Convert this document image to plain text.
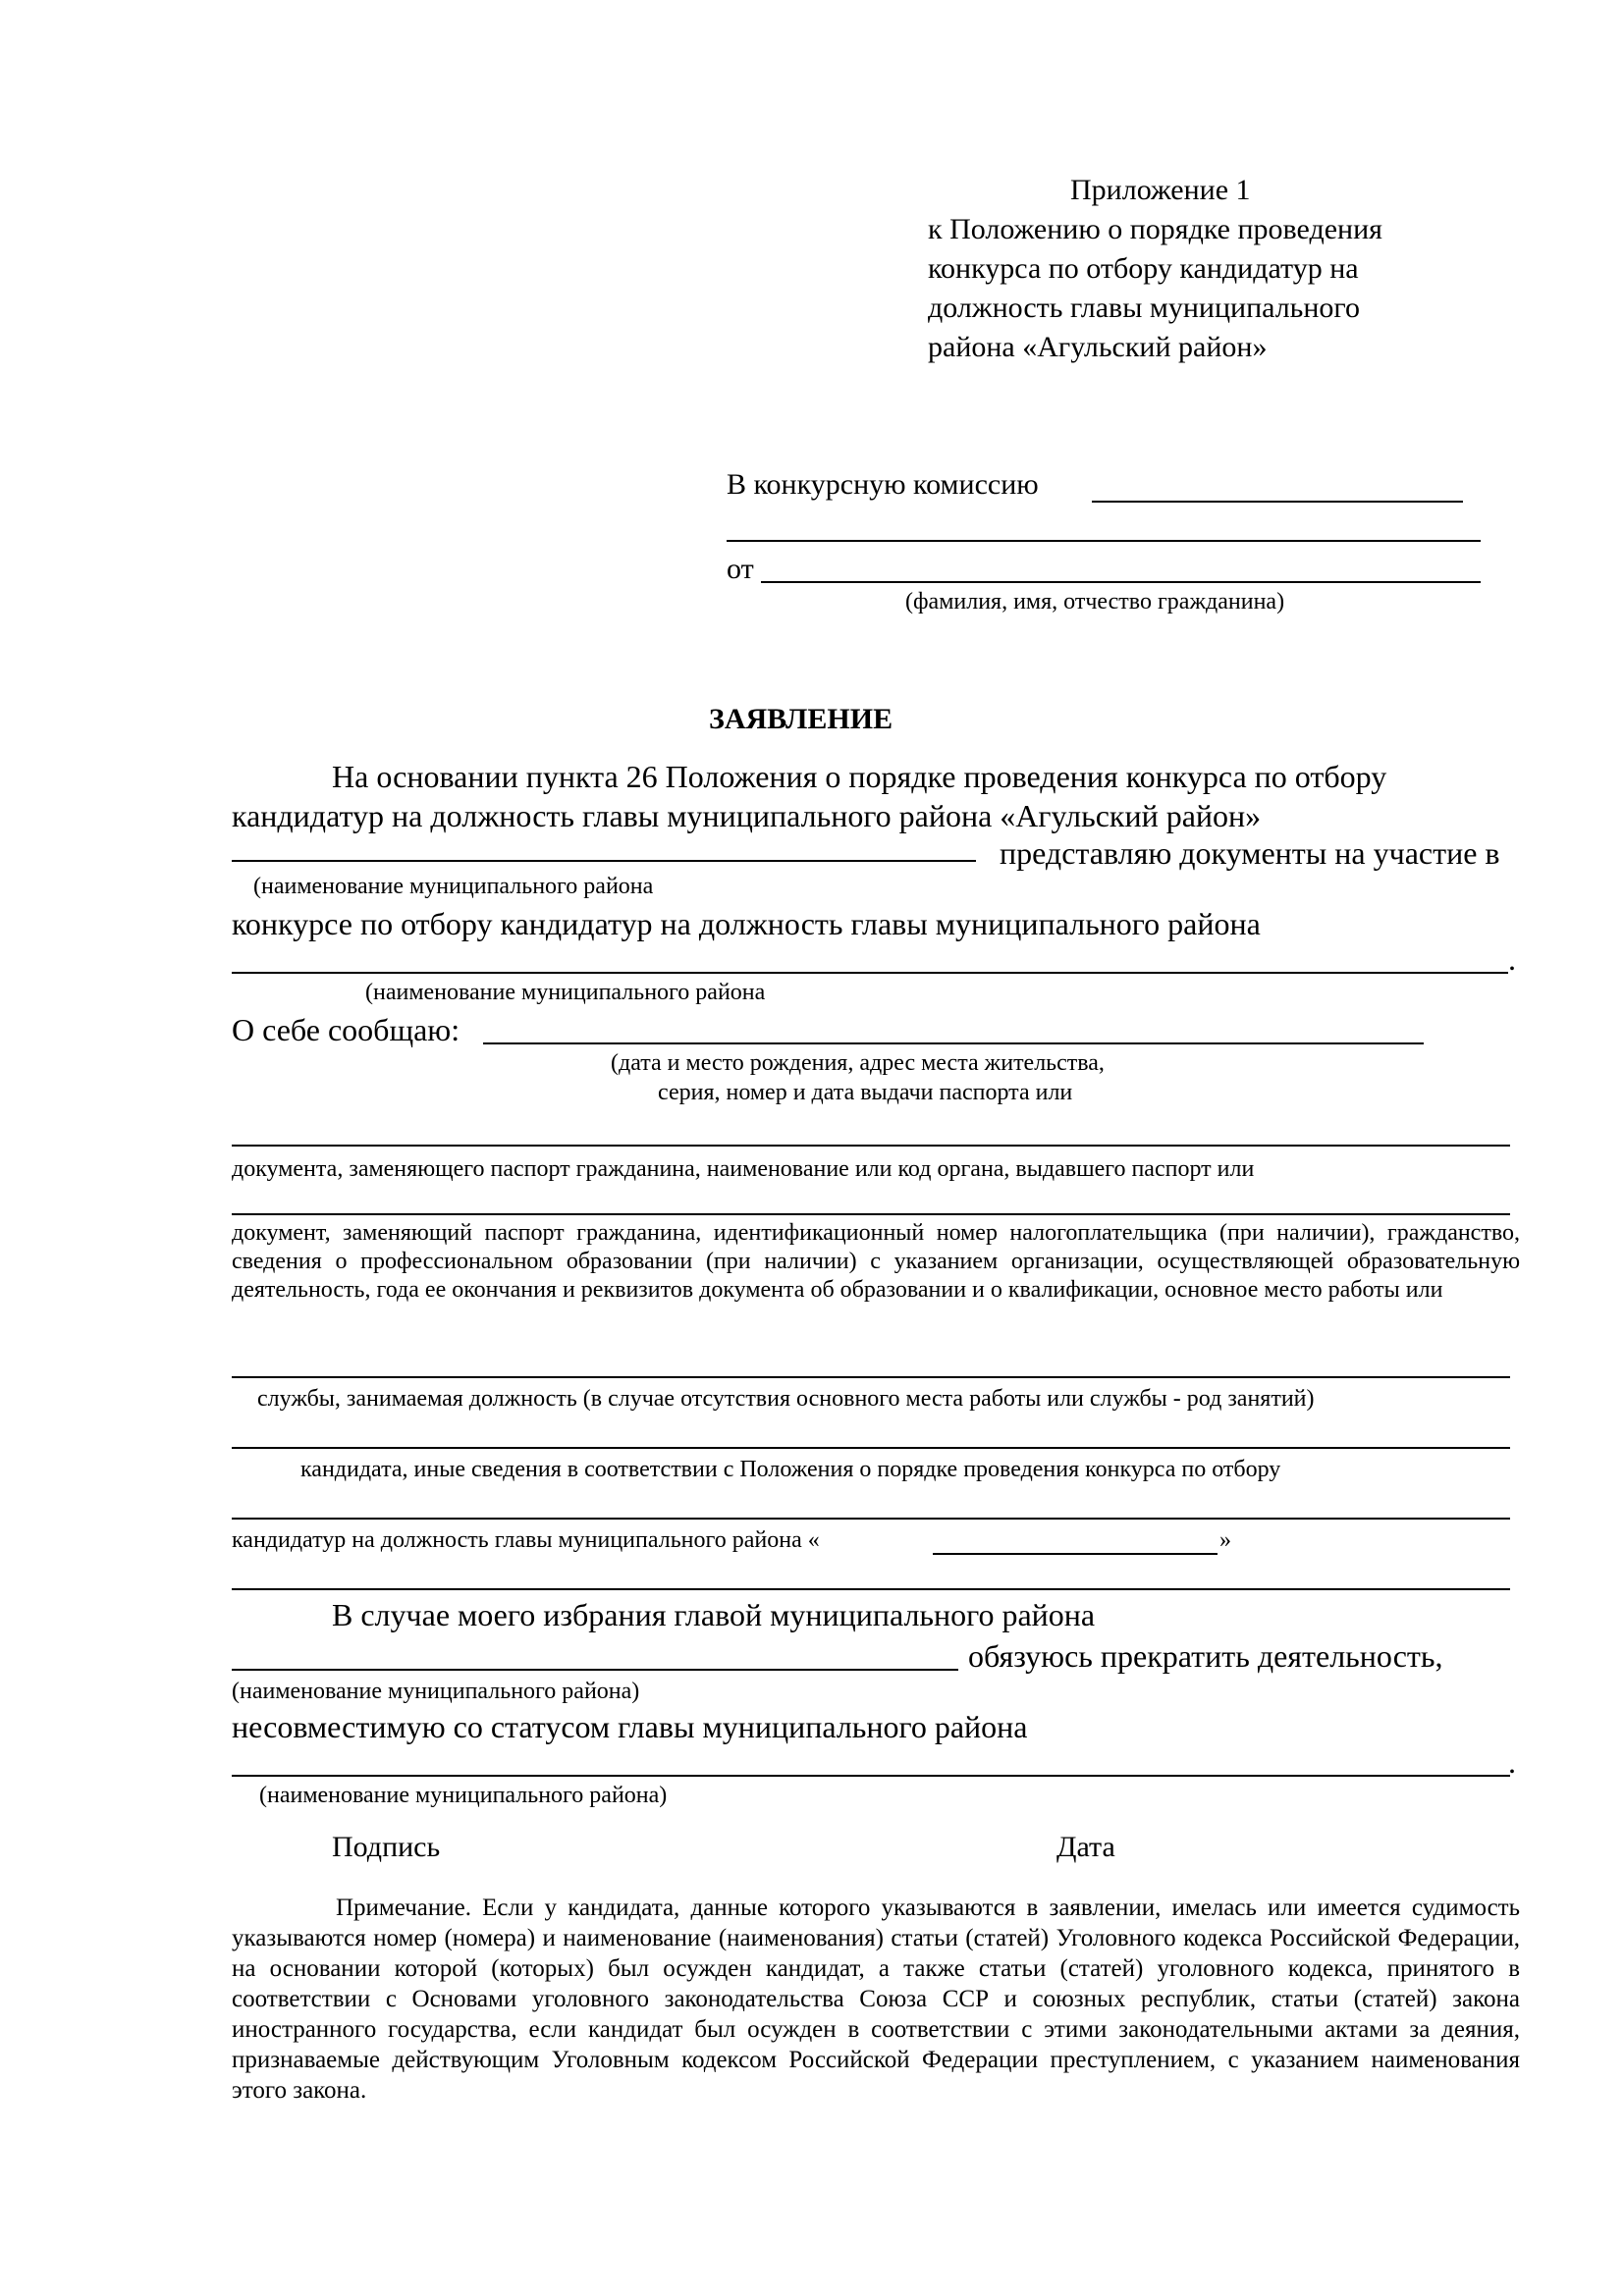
Приложение 1
к Положению о порядке проведения
конкурса по отбору кандидатур на
должность главы муниципального
района «Агульский район»
В конкурсную комиссию
от
(фамилия, имя, отчество гражданина)
ЗАЯВЛЕНИЕ
На основании пункта 26 Положения о порядке проведения конкурса по отбору
кандидатур на должность главы муниципального района «Агульский район»
представляю документы на участие в
(наименование муниципального района
конкурсе по отбору кандидатур на должность главы муниципального района
.
(наименование муниципального района
О себе сообщаю:
(дата и место рождения, адрес места жительства,
серия, номер и дата выдачи паспорта или
документа, заменяющего паспорт гражданина, наименование или код органа, выдавшего паспорт или
документ, заменяющий паспорт гражданина, идентификационный номер налогоплательщика (при наличии), гражданство, сведения о профессиональном образовании (при наличии) с указанием организации, осуществляющей образовательную деятельность, года ее окончания и реквизитов документа об образовании и о квалификации, основное место работы или
службы, занимаемая должность (в случае отсутствия основного места работы или службы - род занятий)
кандидата, иные сведения в соответствии с Положения о порядке проведения конкурса по отбору
кандидатур на должность главы муниципального района «	»
В случае моего избрания главой муниципального района
обязуюсь прекратить деятельность,
(наименование муниципального района)
несовместимую со статусом главы муниципального района
.
(наименование муниципального района)
Подпись	Дата
Примечание. Если у кандидата, данные которого указываются в заявлении, имелась или имеется судимость указываются номер (номера) и наименование (наименования) статьи (статей) Уголовного кодекса Российской Федерации, на основании которой (которых) был осужден кандидат, а также статьи (статей) уголовного кодекса, принятого в соответствии с Основами уголовного законодательства Союза ССР и союзных республик, статьи (статей) закона иностранного государства, если кандидат был осужден в соответствии с этими законодательными актами за деяния, признаваемые действующим Уголовным кодексом Российской Федерации преступлением, с указанием наименования этого закона.
